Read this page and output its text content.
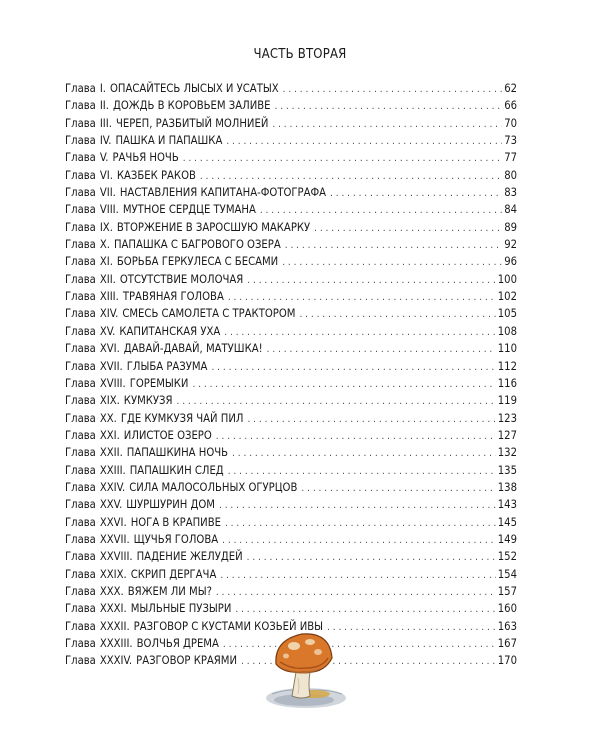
ЧАСТЬ ВТОРАЯ
Глава I. ОПАСАЙТЕСЬ ЛЫСЫХ И УСАТЫХ . . .	62
Глава II. ДОЖДЬ В КОРОВЬЕМ ЗАЛИВЕ . . .	66
Глава III. ЧЕРЕП, РАЗБИТЫЙ МОЛНИЕЙ . . .	70
Глава IV. ПАШКА И ПАПАШКА . . .	73
Глава V. РАЧЬЯ НОЧЬ . . .	77
Глава VI. КАЗБЕК РАКОВ . . .	80
Глава VII. НАСТАВЛЕНИЯ КАПИТАНА-ФОТОГРАФА . . .	83
Глава VIII. МУТНОЕ СЕРДЦЕ ТУМАНА . . .	84
Глава IX. ВТОРЖЕНИЕ В ЗАРОСШУЮ МАКАРКУ . . .	89
Глава X. ПАПАШКА С БАГРОВОГО ОЗЕРА . . .	92
Глава XI. БОРЬБА ГЕРКУЛЕСА С БЕСАМИ . . .	96
Глава XII. ОТСУТСТВИЕ МОЛОЧАЯ . . .	100
Глава XIII. ТРАВЯНАЯ ГОЛОВА . . .	102
Глава XIV. СМЕСЬ САМОЛЕТА С ТРАКТОРОМ . . .	105
Глава XV. КАПИТАНСКАЯ УХА . . .	108
Глава XVI. ДАВАЙ-ДАВАЙ, МАТУШКА! . . .	110
Глава XVII. ГЛЫБА РАЗУМА . . .	112
Глава XVIII. ГОРЕМЫКИ . . .	116
Глава XIX. КУМКУЗЯ . . .	119
Глава XX. ГДЕ КУМКУЗЯ ЧАЙ ПИЛ . . .	123
Глава XXI. ИЛИСТОЕ ОЗЕРО . . .	127
Глава XXII. ПАПАШКИНА НОЧЬ . . .	132
Глава XXIII. ПАПАШКИН СЛЕД . . .	135
Глава XXIV. СИЛА МАЛОСОЛЬНЫХ ОГУРЦОВ . . .	138
Глава XXV. ШУРШУРИН ДОМ . . .	143
Глава XXVI. НОГА В КРАПИВЕ . . .	145
Глава XXVII. ЩУЧЬЯ ГОЛОВА . . .	149
Глава XXVIII. ПАДЕНИЕ ЖЕЛУДЕЙ . . .	152
Глава XXIX. СКРИП ДЕРГАЧА . . .	154
Глава XXX. ВЯЖЕМ ЛИ МЫ? . . .	157
Глава XXXI. МЫЛЬНЫЕ ПУЗЫРИ . . .	160
Глава XXXII. РАЗГОВОР С КУСТАМИ КОЗЬЕЙ ИВЫ . . .	163
Глава XXXIII. ВОЛЧЬЯ ДРЕМА . . .	167
Глава XXXIV. РАЗГОВОР КРАЯМИ . . .	170
